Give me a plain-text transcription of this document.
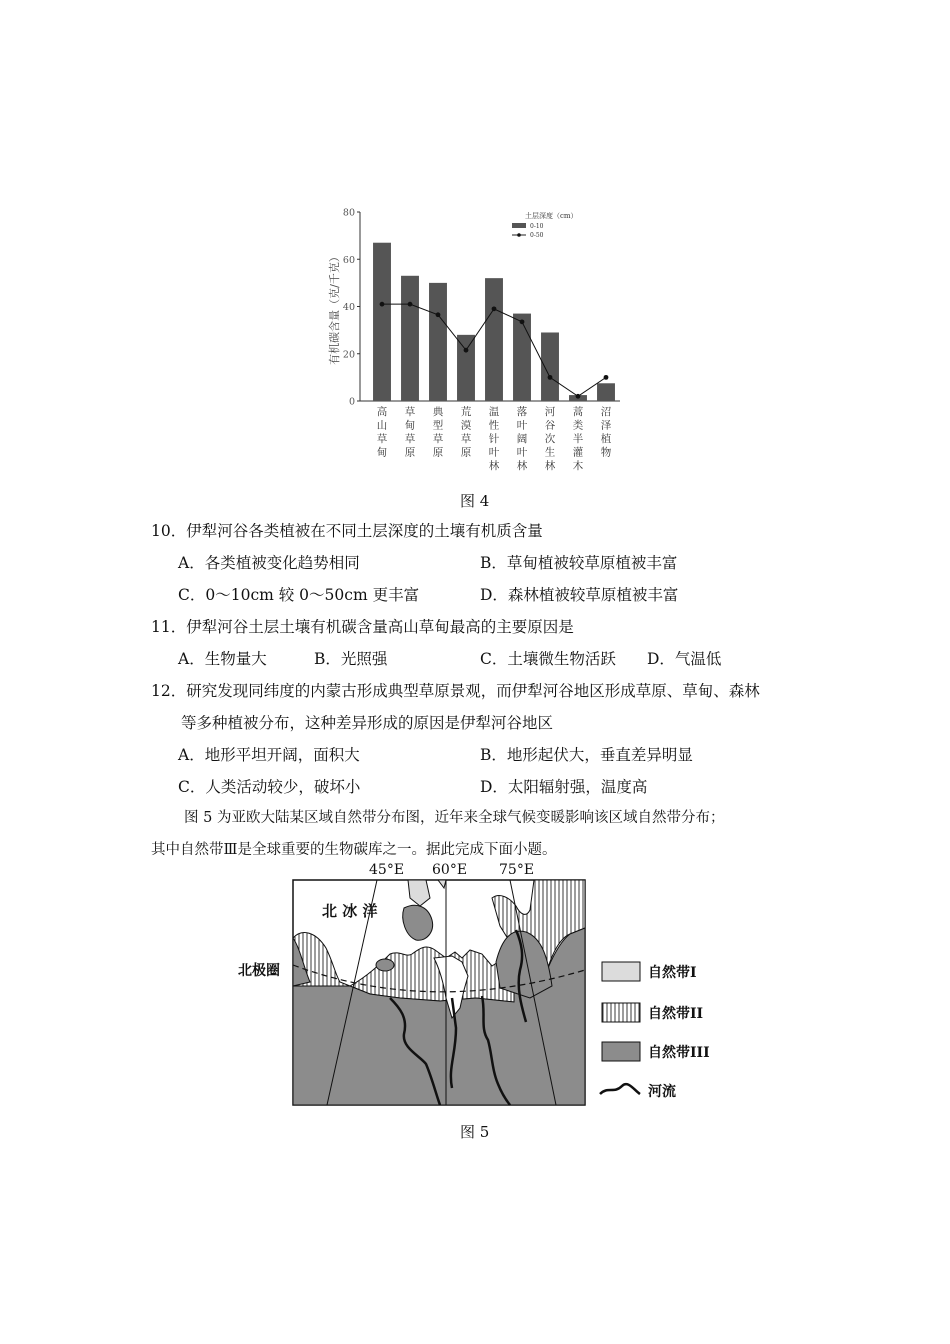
0
20
40
60
80
高山草甸
草甸草原
典型草原
荒漠草原
温性针叶林
落叶阔叶林
河谷次生林
蒿类半灌木
沼泽植物
有机碳含量（克/千克）
土层深度（cm）
0-10
0-50
图 4
10．伊犁河谷各类植被在不同土层深度的土壤有机质含量
A．各类植被变化趋势相同	B．草甸植被较草原植被丰富
C．0～10cm 较 0～50cm 更丰富	D．森林植被较草原植被丰富
11．伊犁河谷土层土壤有机碳含量高山草甸最高的主要原因是
A．生物量大	B．光照强	C．土壤微生物活跃 D．气温低
12．研究发现同纬度的内蒙古形成典型草原景观，而伊犁河谷地区形成草原、草甸、森林
等多种植被分布，这种差异形成的原因是伊犁河谷地区
A．地形平坦开阔，面积大	B．地形起伏大，垂直差异明显
C．人类活动较少，破坏小	D．太阳辐射强，温度高
图 5 为亚欧大陆某区域自然带分布图，近年来全球气候变暖影响该区域自然带分布；
其中自然带Ⅲ是全球重要的生物碳库之一。据此完成下面小题。
45°E 60°E 75°E
北 冰 洋
北极圈	自然带I
自然带II
自然带III
河流
图 5
